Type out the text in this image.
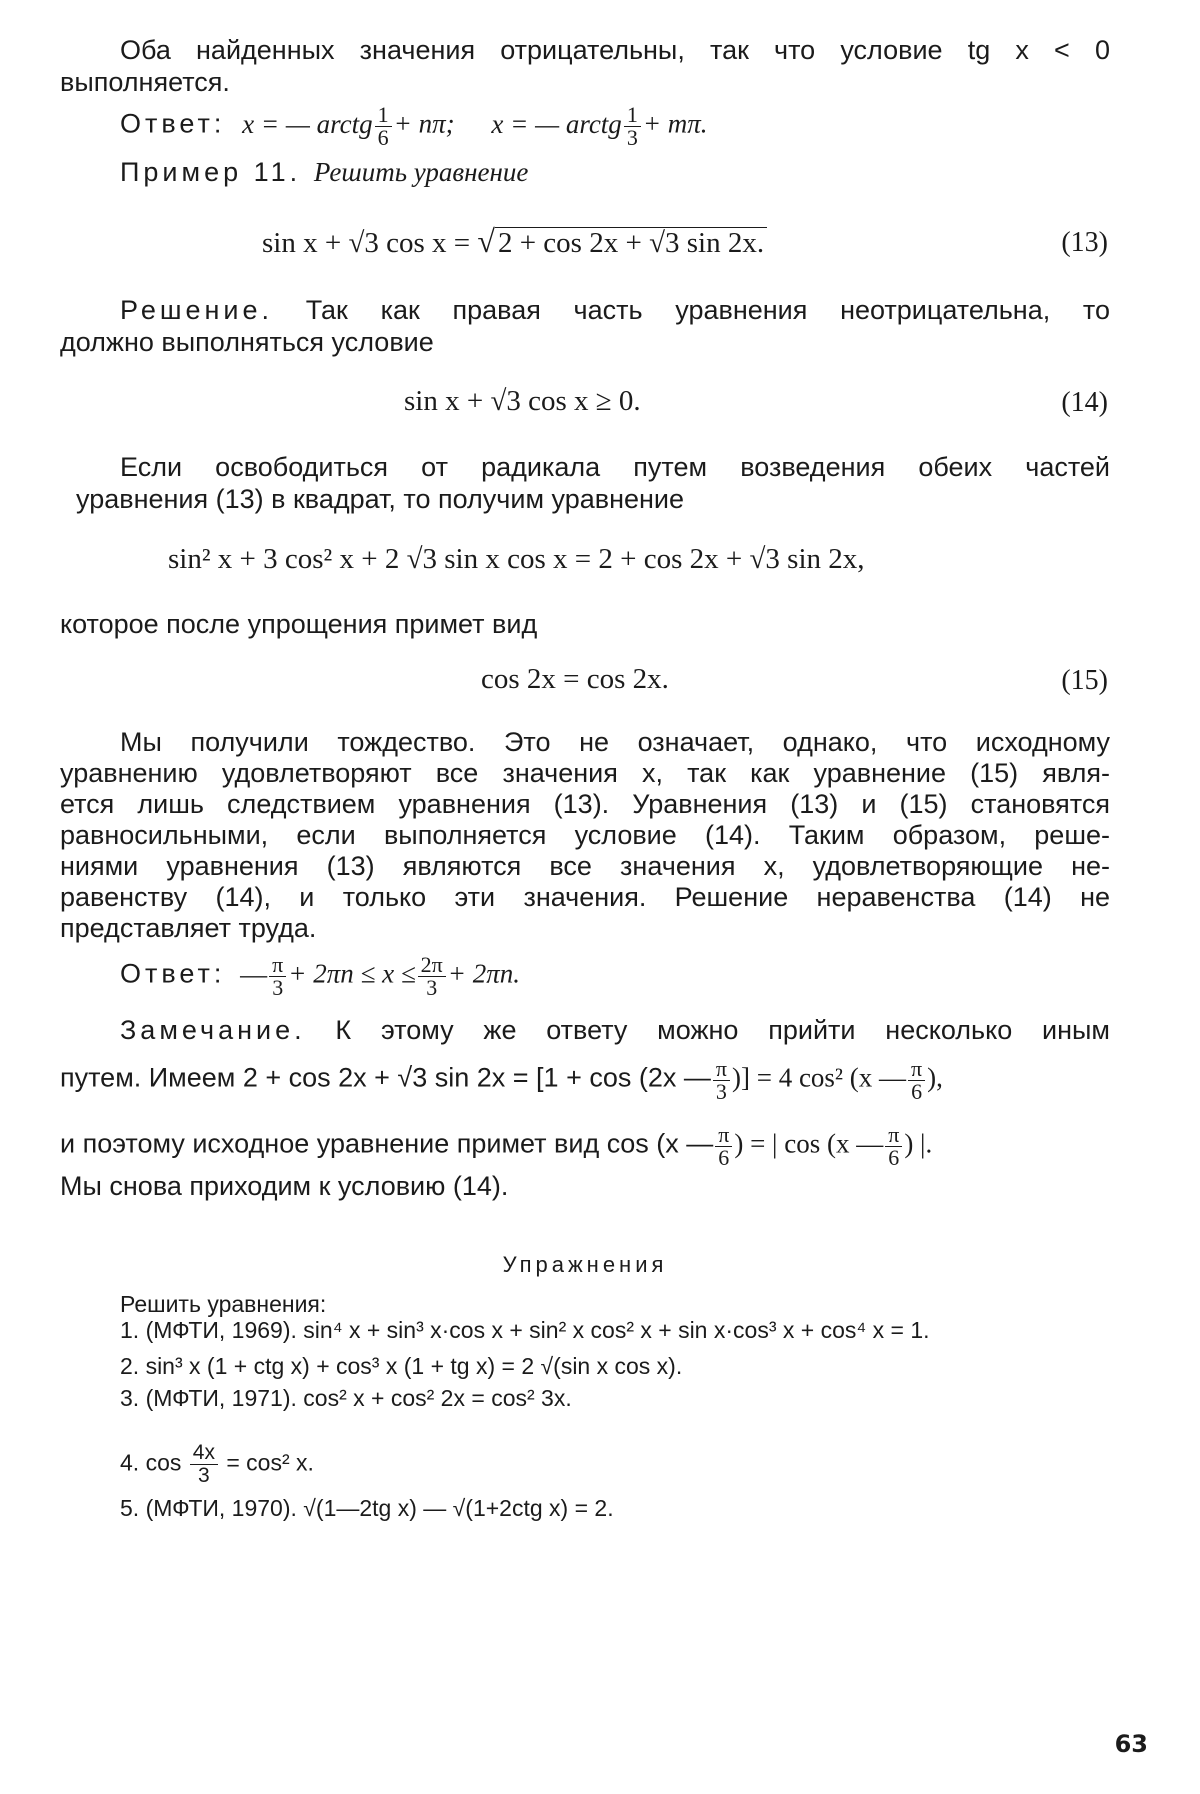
Оба найденных значения отрицательны, так что условие tg x < 0
выполняется.
Ответ: x = — arctg $\frac{1}{6} + n\pi$; x = — arctg $\frac{1}{3} + m\pi$.
Пример 11. Решить уравнение
sin x + √3 cos x = √ 2 + cos 2x + √3 sin 2x.	(13)
Решение. Так как правая часть уравнения неотрицательна, то
должно выполняться условие
sin x + √3 cos x ≥ 0.	(14)
Если освободиться от радикала путем возведения обеих частей
уравнения (13) в квадрат, то получим уравнение
sin² x + 3 cos² x + 2 √3 sin x cos x = 2 + cos 2x + √3 sin 2x,
которое после упрощения примет вид
cos 2x = cos 2x.	(15)
Мы получили тождество. Это не означает, однако, что исходному
уравнению удовлетворяют все значения x, так как уравнение (15) явля-
ется лишь следствием уравнения (13). Уравнения (13) и (15) становятся
равносильными, если выполняется условие (14). Таким образом, реше-
ниями уравнения (13) являются все значения x, удовлетворяющие не-
равенству (14), и только эти значения. Решение неравенства (14) не
представляет труда.
Ответ: — $\frac{\pi}{3} + 2\pi n \le x \le \frac{2\pi}{3} + 2\pi n$.
Замечание. К этому же ответу можно прийти несколько иным
путем. Имеем 2 + cos 2x + √3 sin 2x = [1 + cos (2x — $\frac{\pi}{3}$ )] = 4 cos² (x — $\frac{\pi}{6}$ ),
и поэтому исходное уравнение примет вид cos (x — $\frac{\pi}{6}$ ) = | cos (x — $\frac{\pi}{6}$ ) |.
Мы снова приходим к условию (14).
Упражнения
Решить уравнения:
1. (МФТИ, 1969). sin⁴ x + sin³ x·cos x + sin² x cos² x + sin x·cos³ x + cos⁴ x = 1.
2. sin³ x (1 + ctg x) + cos³ x (1 + tg x) = 2 √(sin x cos x).
3. (МФТИ, 1971). cos² x + cos² 2x = cos² 3x.
4. $\cos \frac{4x}{3} = \cos^2$ x.
5. (МФТИ, 1970). √(1—2tg x) — √(1+2ctg x) = 2.
63
